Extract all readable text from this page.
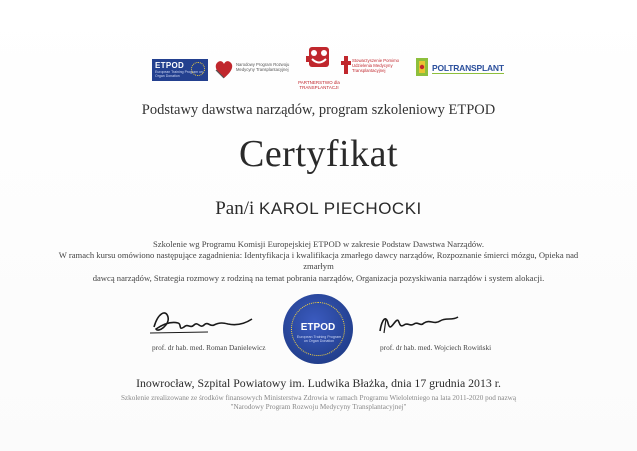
ETPOD
European Training Program on Organ Donation
Narodowy Program Rozwoju Medycyny Transplantacyjnej
PARTNERSTWO dla TRANSPLANTACJI
Stowarzyszenie Pomimo Udzielenia Medycyny Transplantacyjnej	POLTRANSPLANT
Podstawy dawstwa narządów, program szkoleniowy ETPOD
Certyfikat
Pan/i KAROL PIECHOCKI

Szkolenie wg Programu Komisji Europejskiej ETPOD w zakresie Podstaw Dawstwa Narządów.

W ramach kursu omówiono następujące zagadnienia: Identyfikacja i kwalifikacja zmarłego dawcy narządów, Rozpoznanie śmierci mózgu, Opieka nad zmarłym

dawcą narządów, Strategia rozmowy z rodziną na temat pobrania narządów, Organizacja pozyskiwania narządów i system alokacji.

prof. dr hab. med. Roman Danielewicz
ETPOD
European Training Program on Organ Donation
prof. dr hab. med. Wojciech Rowiński
Inowrocław, Szpital Powiatowy im. Ludwika Błażka, dnia 17 grudnia 2013 r.

Szkolenie zrealizowane ze środków finansowych Ministerstwa Zdrowia w ramach Programu Wieloletniego na lata 2011-2020 pod nazwą

"Narodowy Program Rozwoju Medycyny Transplantacyjnej"
